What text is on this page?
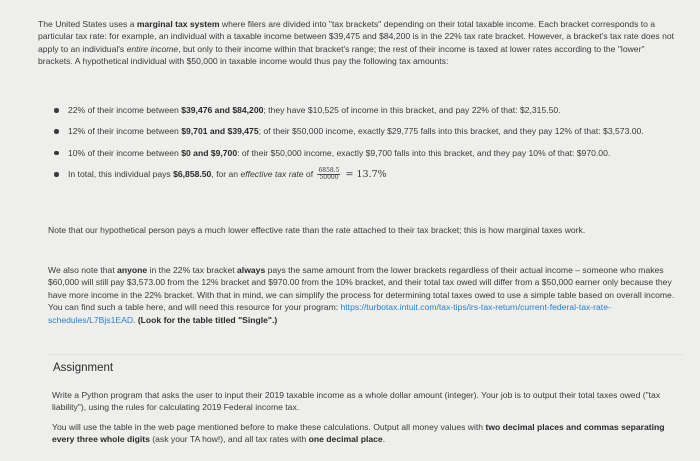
The United States uses a marginal tax system where filers are divided into "tax brackets" depending on their total taxable income. Each bracket corresponds to a particular tax rate: for example, an individual with a taxable income between $39,475 and $84,200 is in the 22% tax rate bracket. However, a bracket's tax rate does not apply to an individual's entire income, but only to their income within that bracket's range; the rest of their income is taxed at lower rates according to the "lower" brackets. A hypothetical individual with $50,000 in taxable income would thus pay the following tax amounts:

22% of their income between $39,476 and $84,200; they have $10,525 of income in this bracket, and pay 22% of that: $2,315.50.
12% of their income between $9,701 and $39,475; of their $50,000 income, exactly $29,775 falls into this bracket, and they pay 12% of that: $3,573.00.
10% of their income between $0 and $9,700: of their $50,000 income, exactly $9,700 falls into this bracket, and they pay 10% of that: $970.00.
In total, this individual pays $6,858.50, for an effective tax rate of $\frac{6858.5}{50000} = 13.7\%$

Note that our hypothetical person pays a much lower effective rate than the rate attached to their tax bracket; this is how marginal taxes work.

We also note that anyone in the 22% tax bracket always pays the same amount from the lower brackets regardless of their actual income – someone who makes $60,000 will still pay $3,573.00 from the 12% bracket and $970.00 from the 10% bracket, and their total tax owed will differ from a $50,000 earner only because they have more income in the 22% bracket. With that in mind, we can simplify the process for determining total taxes owed to use a simple table based on overall income. You can find such a table here, and will need this resource for your program: https://turbotax.intuit.com/tax-tips/irs-tax-return/current-federal-tax-rate-schedules/L7Bjs1EAD. (Look for the table titled "Single".)

Assignment

Write a Python program that asks the user to input their 2019 taxable income as a whole dollar amount (integer). Your job is to output their total taxes owed ("tax liability"), using the rules for calculating 2019 Federal income tax.

You will use the table in the web page mentioned before to make these calculations. Output all money values with two decimal places and commas separating every three whole digits (ask your TA how!), and all tax rates with one decimal place.
